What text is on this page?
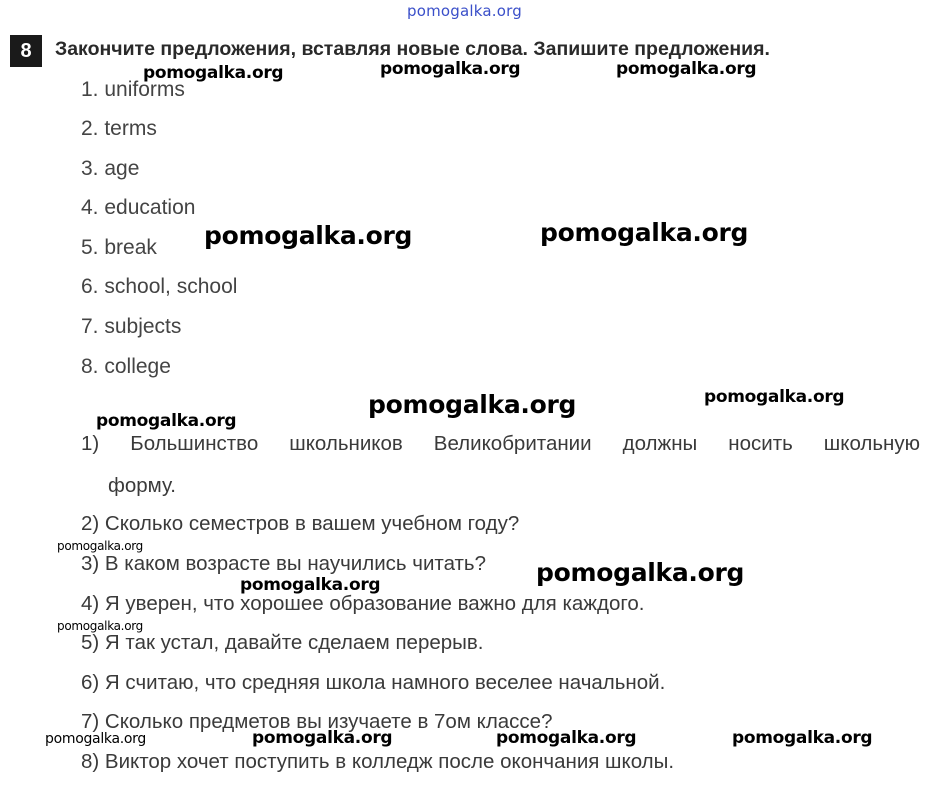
pomogalka.org
8	Закончите предложения, вставляя новые слова. Запишите предложения.
1. uniforms
2. terms
3. age
4. education
5. break
6. school, school
7. subjects
8. college
1) Большинство школьников Великобритании должны носить школьную
форму.
2) Сколько семестров в вашем учебном году?
3) В каком возрасте вы научились читать?
4) Я уверен, что хорошее образование важно для каждого.
5) Я так устал, давайте сделаем перерыв.
6) Я считаю, что средняя школа намного веселее начальной.
7) Сколько предметов вы изучаете в 7ом классе?
8) Виктор хочет поступить в колледж после окончания школы.
pomogalka.org	pomogalka.org	pomogalka.org
pomogalka.org	pomogalka.org
pomogalka.org
pomogalka.org
pomogalka.org
pomogalka.org
pomogalka.org
pomogalka.org
pomogalka.org
pomogalka.org	pomogalka.org	pomogalka.org	pomogalka.org
